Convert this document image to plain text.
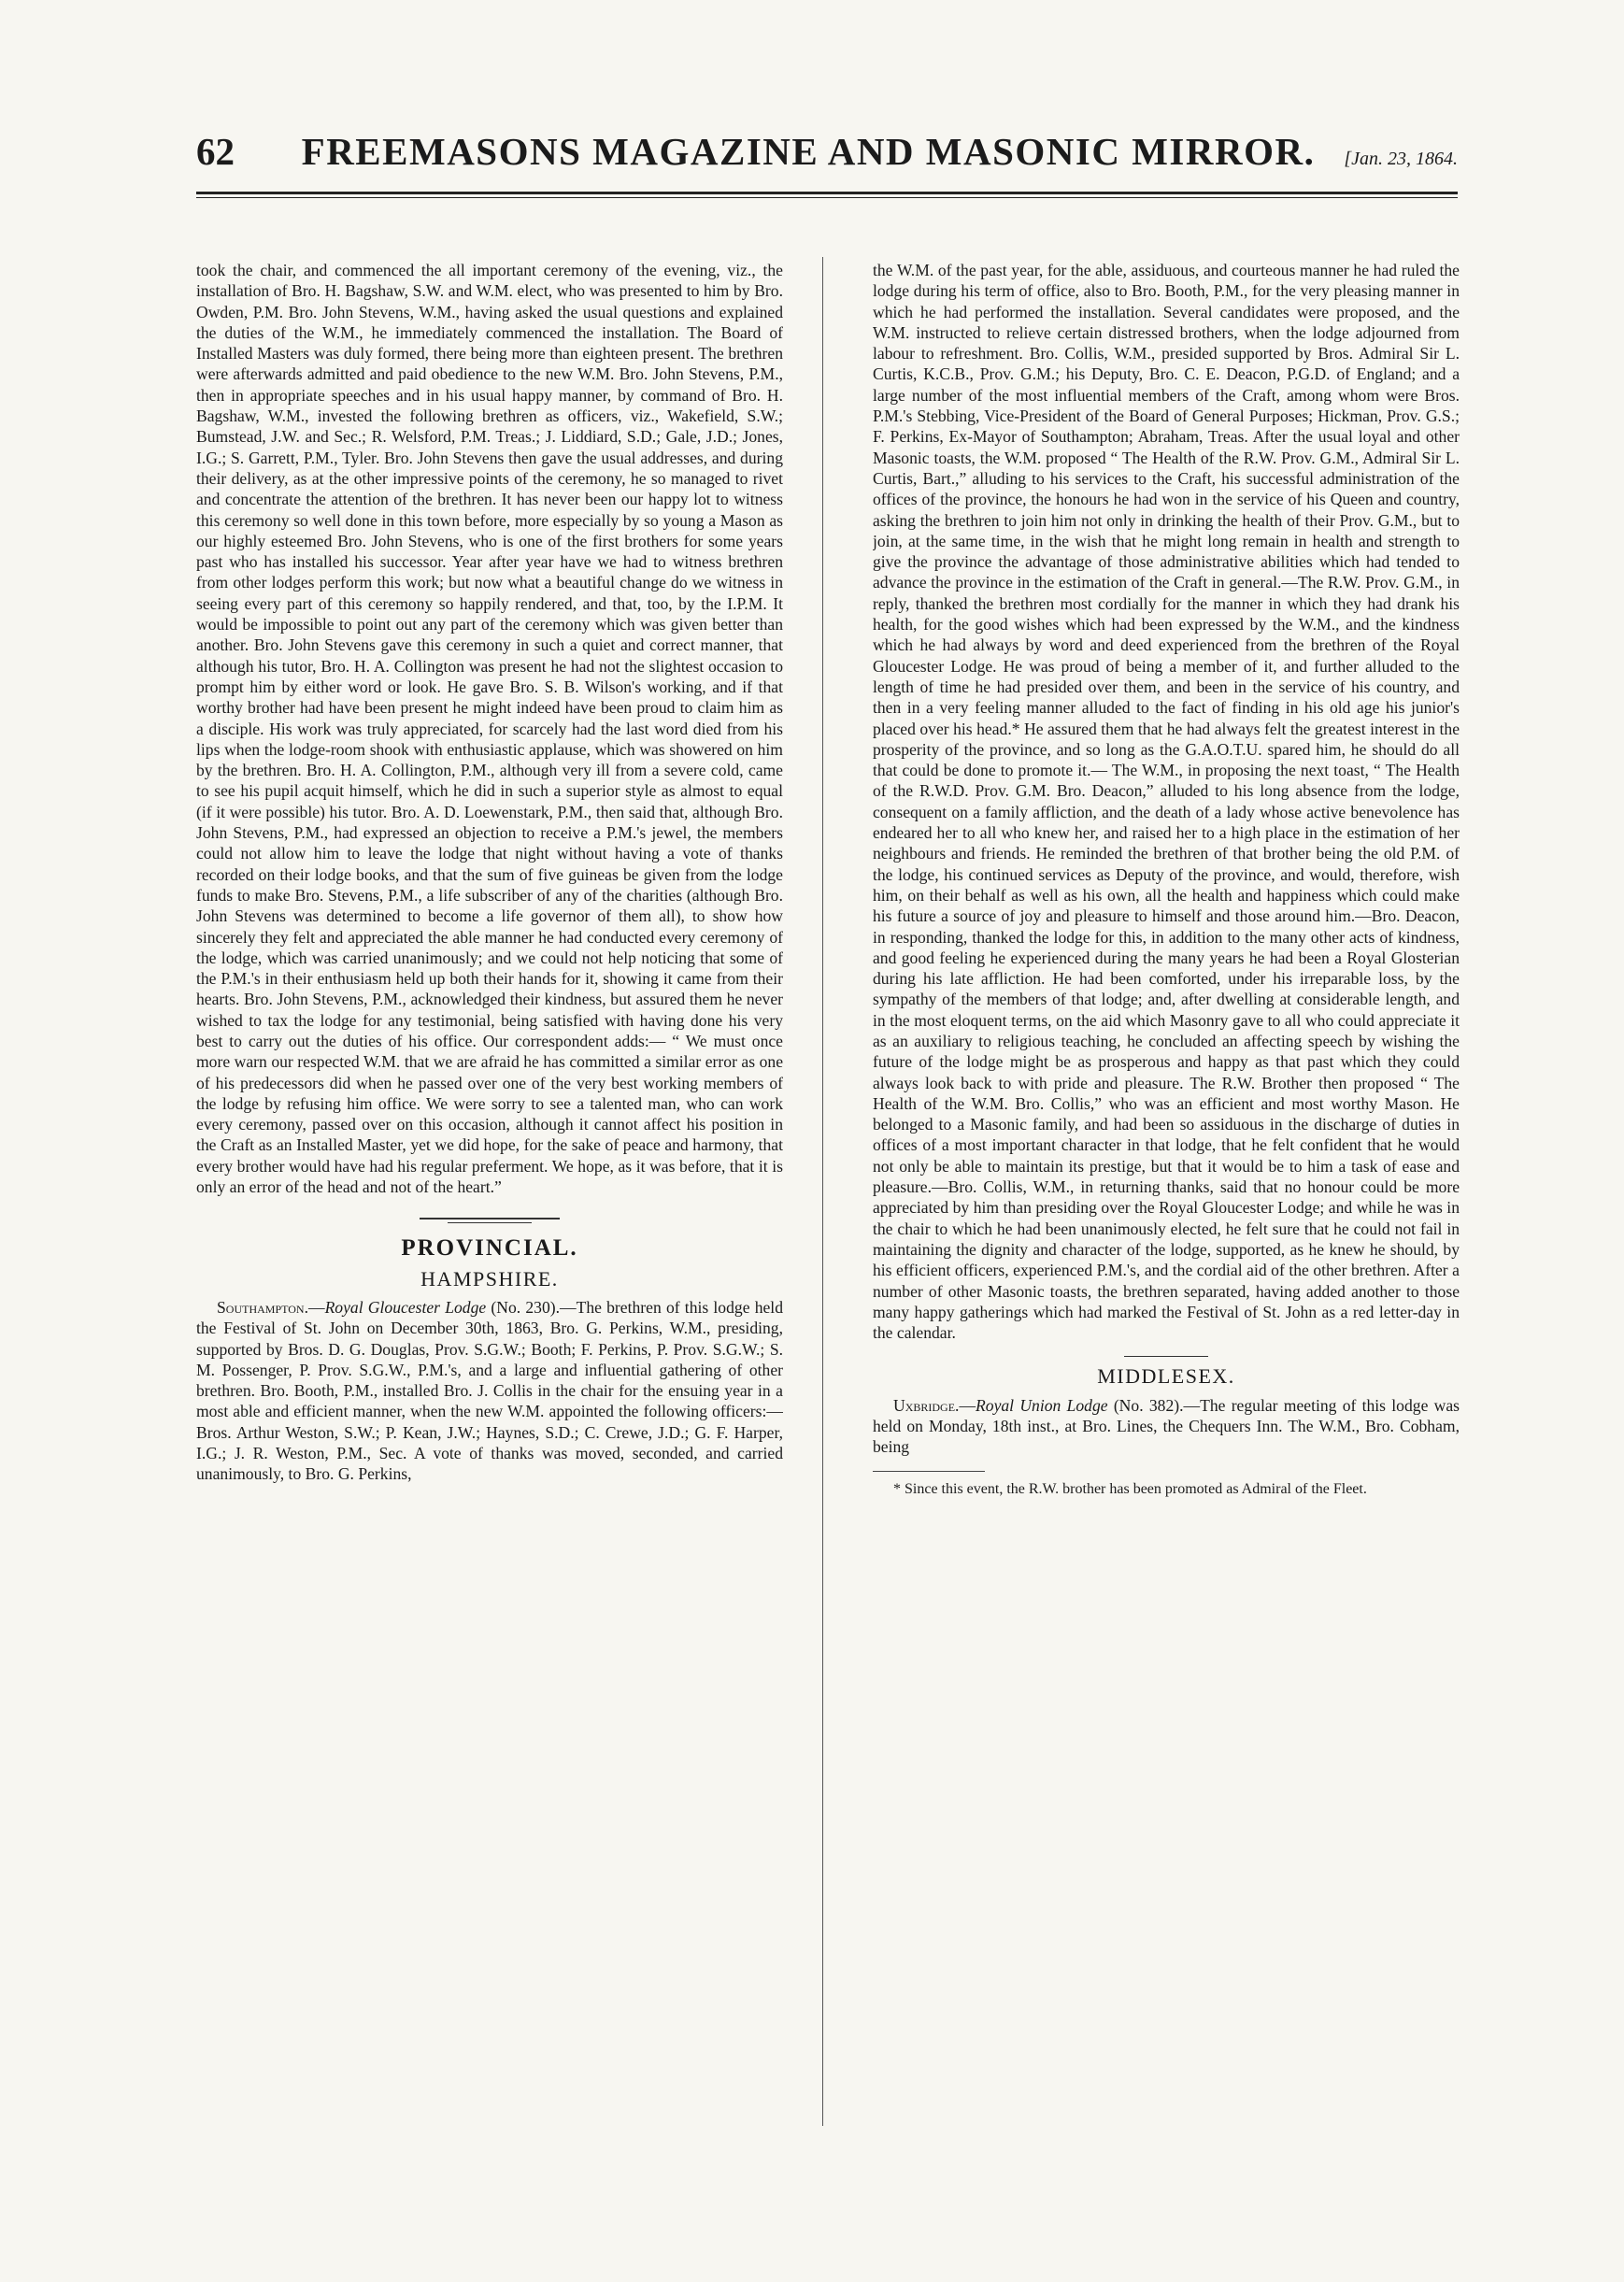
62	FREEMASONS MAGAZINE AND MASONIC MIRROR.	[Jan. 23, 1864.

took the chair, and commenced the all important ceremony of the evening, viz., the installation of Bro. H. Bagshaw, S.W. and W.M. elect, who was presented to him by Bro. Owden, P.M. Bro. John Stevens, W.M., having asked the usual questions and explained the duties of the W.M., he immediately commenced the installation. The Board of Installed Masters was duly formed, there being more than eighteen present. The brethren were afterwards admitted and paid obedience to the new W.M. Bro. John Stevens, P.M., then in appropriate speeches and in his usual happy manner, by command of Bro. H. Bagshaw, W.M., invested the following brethren as officers, viz., Wakefield, S.W.; Bumstead, J.W. and Sec.; R. Welsford, P.M. Treas.; J. Liddiard, S.D.; Gale, J.D.; Jones, I.G.; S. Garrett, P.M., Tyler. Bro. John Stevens then gave the usual addresses, and during their delivery, as at the other impressive points of the ceremony, he so managed to rivet and concentrate the attention of the brethren. It has never been our happy lot to witness this ceremony so well done in this town before, more especially by so young a Mason as our highly esteemed Bro. John Stevens, who is one of the first brothers for some years past who has installed his successor. Year after year have we had to witness brethren from other lodges perform this work; but now what a beautiful change do we witness in seeing every part of this ceremony so happily rendered, and that, too, by the I.P.M. It would be impossible to point out any part of the ceremony which was given better than another. Bro. John Stevens gave this ceremony in such a quiet and correct manner, that although his tutor, Bro. H. A. Collington was present he had not the slightest occasion to prompt him by either word or look. He gave Bro. S. B. Wilson's working, and if that worthy brother had have been present he might indeed have been proud to claim him as a disciple. His work was truly appreciated, for scarcely had the last word died from his lips when the lodge-room shook with enthusiastic applause, which was showered on him by the brethren. Bro. H. A. Collington, P.M., although very ill from a severe cold, came to see his pupil acquit himself, which he did in such a superior style as almost to equal (if it were possible) his tutor. Bro. A. D. Loewenstark, P.M., then said that, although Bro. John Stevens, P.M., had expressed an objection to receive a P.M.'s jewel, the members could not allow him to leave the lodge that night without having a vote of thanks recorded on their lodge books, and that the sum of five guineas be given from the lodge funds to make Bro. Stevens, P.M., a life subscriber of any of the charities (although Bro. John Stevens was determined to become a life governor of them all), to show how sincerely they felt and appreciated the able manner he had conducted every ceremony of the lodge, which was carried unanimously; and we could not help noticing that some of the P.M.'s in their enthusiasm held up both their hands for it, showing it came from their hearts. Bro. John Stevens, P.M., acknowledged their kindness, but assured them he never wished to tax the lodge for any testimonial, being satisfied with having done his very best to carry out the duties of his office. Our correspondent adds:— “ We must once more warn our respected W.M. that we are afraid he has committed a similar error as one of his predecessors did when he passed over one of the very best working members of the lodge by refusing him office. We were sorry to see a talented man, who can work every ceremony, passed over on this occasion, although it cannot affect his position in the Craft as an Installed Master, yet we did hope, for the sake of peace and harmony, that every brother would have had his regular preferment. We hope, as it was before, that it is only an error of the head and not of the heart.”

PROVINCIAL.
HAMPSHIRE.

Southampton.—Royal Gloucester Lodge (No. 230).—The brethren of this lodge held the Festival of St. John on December 30th, 1863, Bro. G. Perkins, W.M., presiding, supported by Bros. D. G. Douglas, Prov. S.G.W.; Booth; F. Perkins, P. Prov. S.G.W.; S. M. Possenger, P. Prov. S.G.W., P.M.'s, and a large and influential gathering of other brethren. Bro. Booth, P.M., installed Bro. J. Collis in the chair for the ensuing year in a most able and efficient manner, when the new W.M. appointed the following officers:—Bros. Arthur Weston, S.W.; P. Kean, J.W.; Haynes, S.D.; C. Crewe, J.D.; G. F. Harper, I.G.; J. R. Weston, P.M., Sec. A vote of thanks was moved, seconded, and carried unanimously, to Bro. G. Perkins,

the W.M. of the past year, for the able, assiduous, and courteous manner he had ruled the lodge during his term of office, also to Bro. Booth, P.M., for the very pleasing manner in which he had performed the installation. Several candidates were proposed, and the W.M. instructed to relieve certain distressed brothers, when the lodge adjourned from labour to refreshment. Bro. Collis, W.M., presided supported by Bros. Admiral Sir L. Curtis, K.C.B., Prov. G.M.; his Deputy, Bro. C. E. Deacon, P.G.D. of England; and a large number of the most influential members of the Craft, among whom were Bros. P.M.'s Stebbing, Vice-President of the Board of General Purposes; Hickman, Prov. G.S.; F. Perkins, Ex-Mayor of Southampton; Abraham, Treas. After the usual loyal and other Masonic toasts, the W.M. proposed “ The Health of the R.W. Prov. G.M., Admiral Sir L. Curtis, Bart.,” alluding to his services to the Craft, his successful administration of the offices of the province, the honours he had won in the service of his Queen and country, asking the brethren to join him not only in drinking the health of their Prov. G.M., but to join, at the same time, in the wish that he might long remain in health and strength to give the province the advantage of those administrative abilities which had tended to advance the province in the estimation of the Craft in general.—The R.W. Prov. G.M., in reply, thanked the brethren most cordially for the manner in which they had drank his health, for the good wishes which had been expressed by the W.M., and the kindness which he had always by word and deed experienced from the brethren of the Royal Gloucester Lodge. He was proud of being a member of it, and further alluded to the length of time he had presided over them, and been in the service of his country, and then in a very feeling manner alluded to the fact of finding in his old age his junior's placed over his head.* He assured them that he had always felt the greatest interest in the prosperity of the province, and so long as the G.A.O.T.U. spared him, he should do all that could be done to promote it.— The W.M., in proposing the next toast, “ The Health of the R.W.D. Prov. G.M. Bro. Deacon,” alluded to his long absence from the lodge, consequent on a family affliction, and the death of a lady whose active benevolence has endeared her to all who knew her, and raised her to a high place in the estimation of her neighbours and friends. He reminded the brethren of that brother being the old P.M. of the lodge, his continued services as Deputy of the province, and would, therefore, wish him, on their behalf as well as his own, all the health and happiness which could make his future a source of joy and pleasure to himself and those around him.—Bro. Deacon, in responding, thanked the lodge for this, in addition to the many other acts of kindness, and good feeling he experienced during the many years he had been a Royal Glosterian during his late affliction. He had been comforted, under his irreparable loss, by the sympathy of the members of that lodge; and, after dwelling at considerable length, and in the most eloquent terms, on the aid which Masonry gave to all who could appreciate it as an auxiliary to religious teaching, he concluded an affecting speech by wishing the future of the lodge might be as prosperous and happy as that past which they could always look back to with pride and pleasure. The R.W. Brother then proposed “ The Health of the W.M. Bro. Collis,” who was an efficient and most worthy Mason. He belonged to a Masonic family, and had been so assiduous in the discharge of duties in offices of a most important character in that lodge, that he felt confident that he would not only be able to maintain its prestige, but that it would be to him a task of ease and pleasure.—Bro. Collis, W.M., in returning thanks, said that no honour could be more appreciated by him than presiding over the Royal Gloucester Lodge; and while he was in the chair to which he had been unanimously elected, he felt sure that he could not fail in maintaining the dignity and character of the lodge, supported, as he knew he should, by his efficient officers, experienced P.M.'s, and the cordial aid of the other brethren. After a number of other Masonic toasts, the brethren separated, having added another to those many happy gatherings which had marked the Festival of St. John as a red letter-day in the calendar.

MIDDLESEX.

Uxbridge.—Royal Union Lodge (No. 382).—The regular meeting of this lodge was held on Monday, 18th inst., at Bro. Lines, the Chequers Inn. The W.M., Bro. Cobham, being

* Since this event, the R.W. brother has been promoted as Admiral of the Fleet.
